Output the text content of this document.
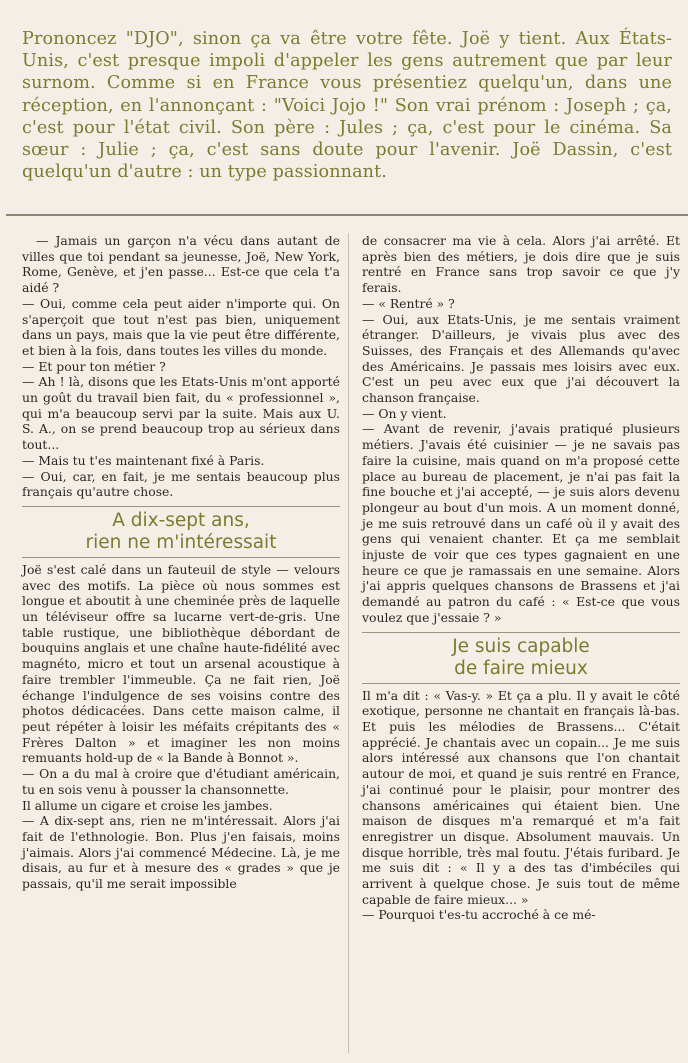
Prononcez "DJO", sinon ça va être votre fête. Joë y tient. Aux États-Unis, c'est presque impoli d'appeler les gens autrement que par leur surnom. Comme si en France vous présentiez quelqu'un, dans une réception, en l'annonçant : "Voici Jojo !" Son vrai prénom : Joseph ; ça, c'est pour l'état civil. Son père : Jules ; ça, c'est pour le cinéma. Sa sœur : Julie ; ça, c'est sans doute pour l'avenir. Joë Dassin, c'est quelqu'un d'autre : un type passionnant.

— Jamais un garçon n'a vécu dans autant de villes que toi pendant sa jeunesse, Joë, New York, Rome, Genève, et j'en passe... Est-ce que cela t'a aidé ?

— Oui, comme cela peut aider n'importe qui. On s'aperçoit que tout n'est pas bien, uniquement dans un pays, mais que la vie peut être différente, et bien à la fois, dans toutes les villes du monde.

— Et pour ton métier ?

— Ah ! là, disons que les Etats-Unis m'ont apporté un goût du travail bien fait, du « professionnel », qui m'a beaucoup servi par la suite. Mais aux U. S. A., on se prend beaucoup trop au sérieux dans tout...

— Mais tu t'es maintenant fixé à Paris.

— Oui, car, en fait, je me sentais beaucoup plus français qu'autre chose.

A dix-sept ans,
rien ne m'intéressait

Joë s'est calé dans un fauteuil de style — velours avec des motifs. La pièce où nous sommes est longue et aboutit à une cheminée près de laquelle un téléviseur offre sa lucarne vert-de-gris. Une table rustique, une bibliothèque débordant de bouquins anglais et une chaîne haute-fidélité avec magnéto, micro et tout un arsenal acoustique à faire trembler l'immeuble. Ça ne fait rien, Joë échange l'indulgence de ses voisins contre des photos dédicacées. Dans cette maison calme, il peut répéter à loisir les méfaits crépitants des « Frères Dalton » et imaginer les non moins remuants hold-up de « la Bande à Bonnot ».

— On a du mal à croire que d'étudiant américain, tu en sois venu à pousser la chansonnette.

Il allume un cigare et croise les jambes.

— A dix-sept ans, rien ne m'intéressait. Alors j'ai fait de l'ethnologie. Bon. Plus j'en faisais, moins j'aimais. Alors j'ai commencé Médecine. Là, je me disais, au fur et à mesure des « grades » que je passais, qu'il me serait impossible

de consacrer ma vie à cela. Alors j'ai arrêté. Et après bien des métiers, je dois dire que je suis rentré en France sans trop savoir ce que j'y ferais.

— « Rentré » ?

— Oui, aux Etats-Unis, je me sentais vraiment étranger. D'ailleurs, je vivais plus avec des Suisses, des Français et des Allemands qu'avec des Américains. Je passais mes loisirs avec eux. C'est un peu avec eux que j'ai découvert la chanson française.

— On y vient.

— Avant de revenir, j'avais pratiqué plusieurs métiers. J'avais été cuisinier — je ne savais pas faire la cuisine, mais quand on m'a proposé cette place au bureau de placement, je n'ai pas fait la fine bouche et j'ai accepté, — je suis alors devenu plongeur au bout d'un mois. A un moment donné, je me suis retrouvé dans un café où il y avait des gens qui venaient chanter. Et ça me semblait injuste de voir que ces types gagnaient en une heure ce que je ramassais en une semaine. Alors j'ai appris quelques chansons de Brassens et j'ai demandé au patron du café : « Est-ce que vous voulez que j'essaie ? »

Je suis capable
de faire mieux

Il m'a dit : « Vas-y. » Et ça a plu. Il y avait le côté exotique, personne ne chantait en français là-bas. Et puis les mélodies de Brassens... C'était apprécié. Je chantais avec un copain... Je me suis alors intéressé aux chansons que l'on chantait autour de moi, et quand je suis rentré en France, j'ai continué pour le plaisir, pour montrer des chansons américaines qui étaient bien. Une maison de disques m'a remarqué et m'a fait enregistrer un disque. Absolument mauvais. Un disque horrible, très mal foutu. J'étais furibard. Je me suis dit : « Il y a des tas d'imbéciles qui arrivent à quelque chose. Je suis tout de même capable de faire mieux... »

— Pourquoi t'es-tu accroché à ce mé-
